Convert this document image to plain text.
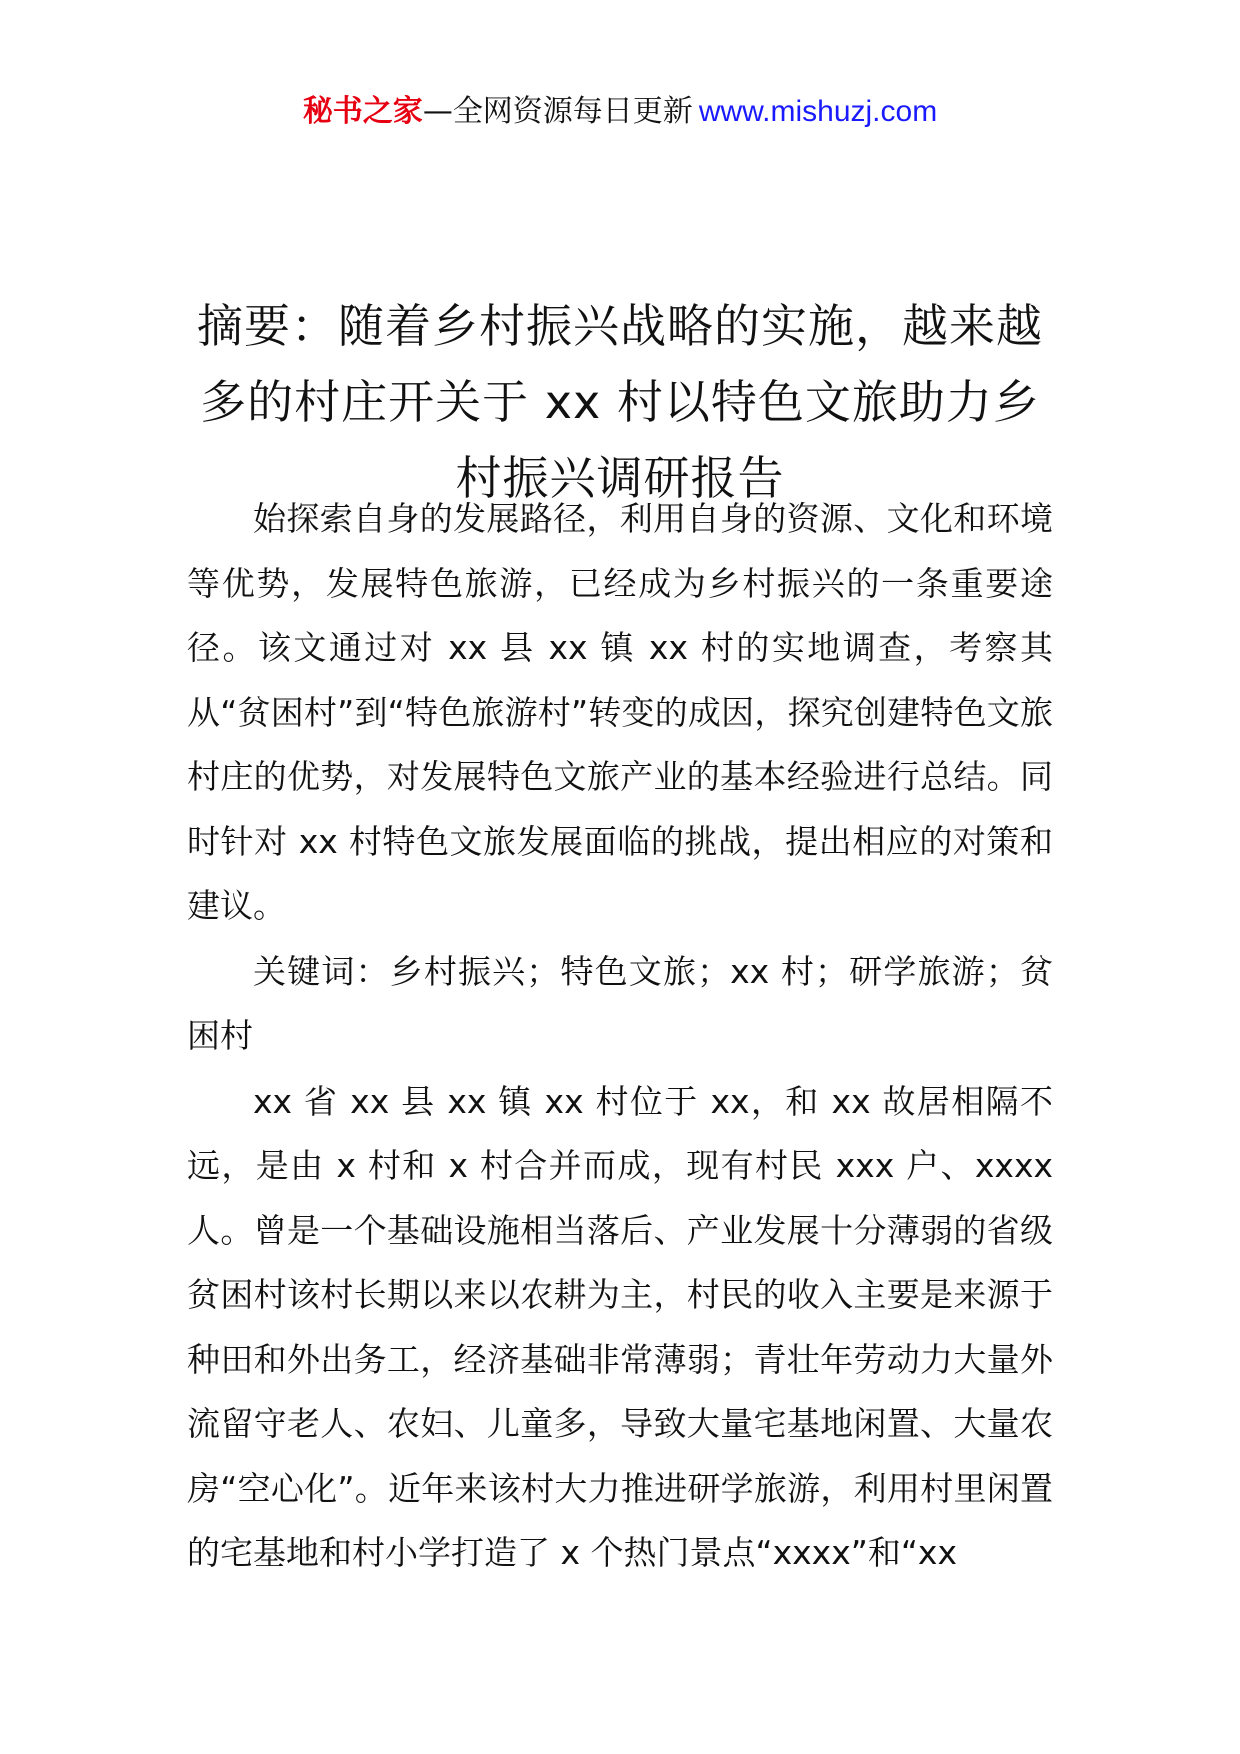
秘书之家—全网资源每日更新 www.mishuzj.com
摘要：随着乡村振兴战略的实施，越来越多的村庄开关于 xx 村以特色文旅助力乡村振兴调研报告

始探索自身的发展路径，利用自身的资源、文化和环境等优势，发展特色旅游，已经成为乡村振兴的一条重要途径。该文通过对 xx 县 xx 镇 xx 村的实地调查，考察其从“贫困村”到“特色旅游村”转变的成因，探究创建特色文旅村庄的优势，对发展特色文旅产业的基本经验进行总结。同时针对 xx 村特色文旅发展面临的挑战，提出相应的对策和建议。

关键词：乡村振兴；特色文旅；xx 村；研学旅游；贫困村

xx 省 xx 县 xx 镇 xx 村位于 xx，和 xx 故居相隔不远，是由 x 村和 x 村合并而成，现有村民 xxx 户、xxxx 人。曾是一个基础设施相当落后、产业发展十分薄弱的省级贫困村该村长期以来以农耕为主，村民的收入主要是来源于种田和外出务工，经济基础非常薄弱；青壮年劳动力大量外流留守老人、农妇、儿童多，导致大量宅基地闲置、大量农房“空心化”。近年来该村大力推进研学旅游，利用村里闲置的宅基地和村小学打造了 x 个热门景点“xxxx”和“xx
